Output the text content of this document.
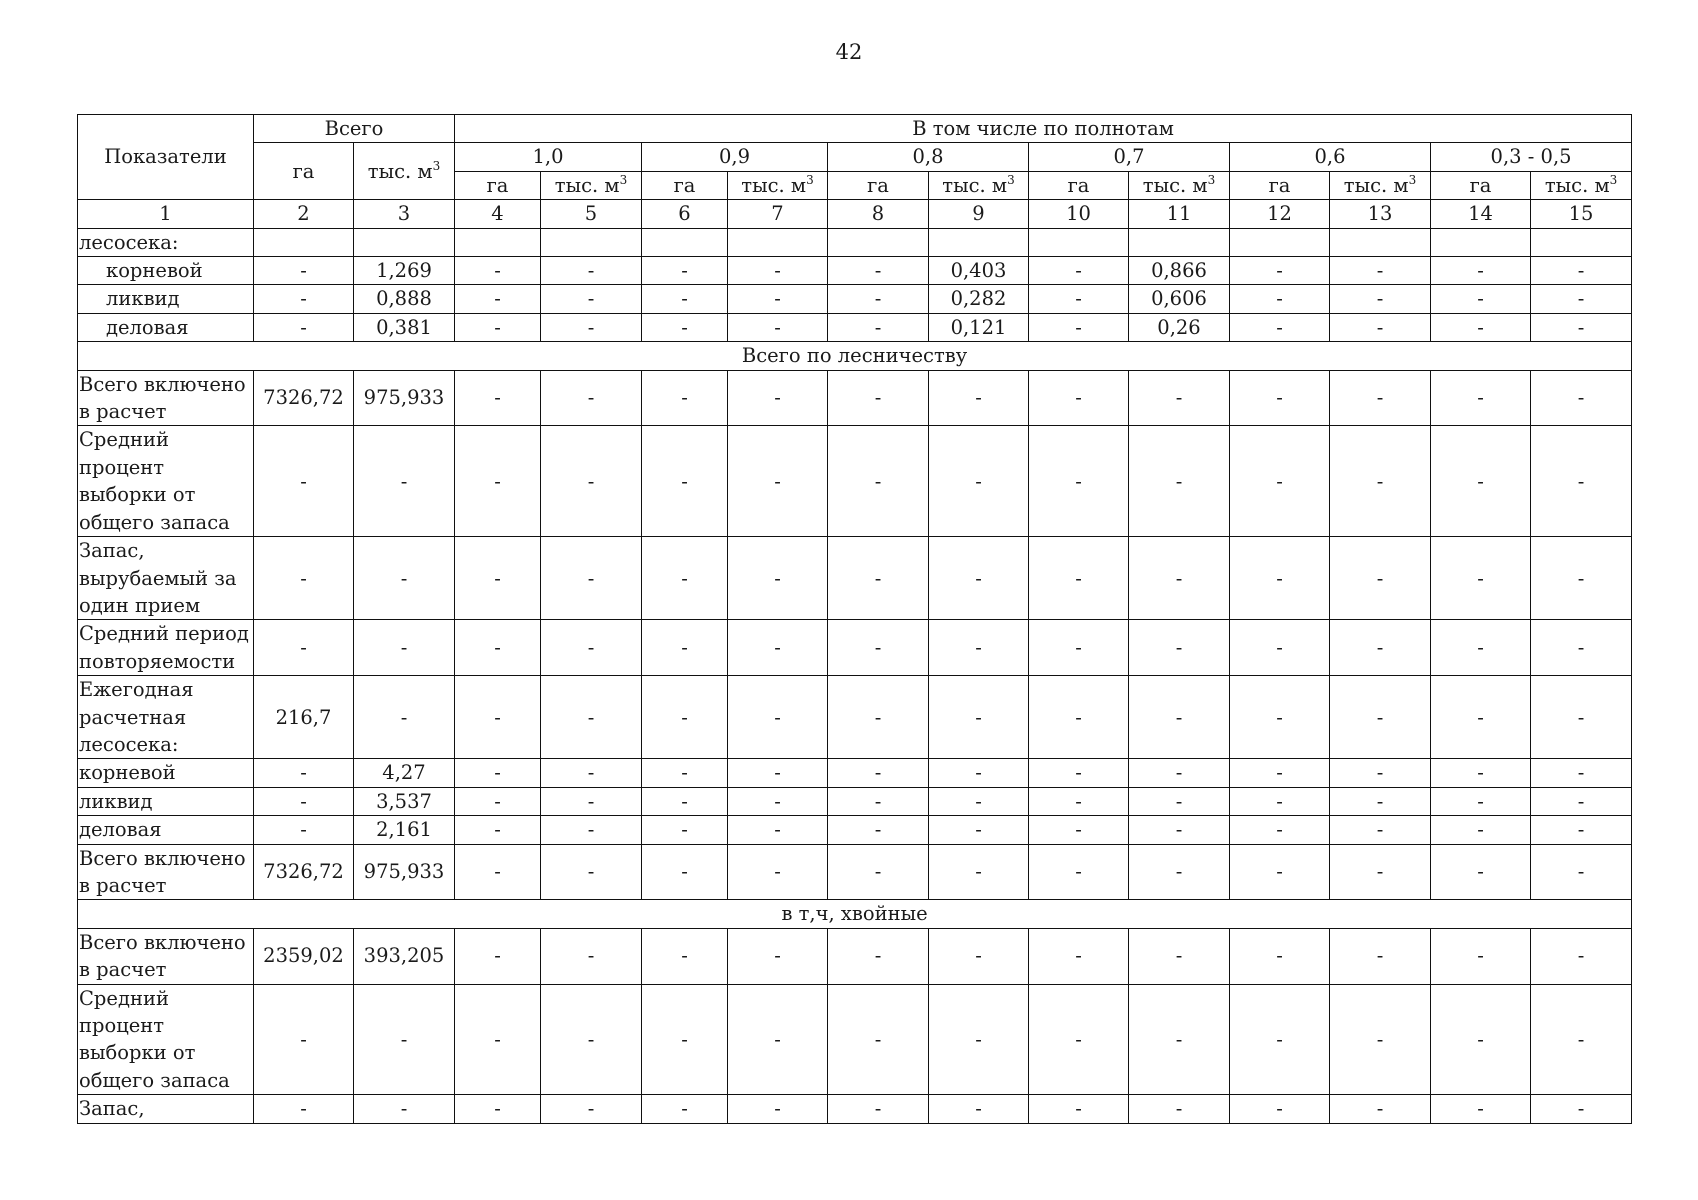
42
Показатели	Всего		В том числе по полнотам											
	га	тыс. $м^3$	1,0		0,9		0,8		0,7		0,6		0,3 - 0,5	
			га	тыс. $м^3$	га	тыс. $м^3$	га	тыс. $м^3$	га	тыс. $м^3$	га	тыс. $м^3$	га	тыс. $м^3$
1	2	3	4	5	6	7	8	9	10	11	12	13	14	15
лесосека:														
корневой	-	1,269	-	-	-	-	-	0,403	-	0,866	-	-	-	-
ликвид	-	0,888	-	-	-	-	-	0,282	-	0,606	-	-	-	-
деловая	-	0,381	-	-	-	-	-	0,121	-	0,26	-	-	-	-
Всего по лесничеству														
Всего включено в расчет	7326,72	975,933	-	-	-	-	-	-	-	-	-	-	-	-
Средний процент выборки от общего запаса	-	-	-	-	-	-	-	-	-	-	-	-	-	-
Запас, вырубаемый за один прием	-	-	-	-	-	-	-	-	-	-	-	-	-	-
Средний период повторяемости	-	-	-	-	-	-	-	-	-	-	-	-	-	-
Ежегодная расчетная лесосека:	216,7	-	-	-	-	-	-	-	-	-	-	-	-	-
корневой	-	4,27	-	-	-	-	-	-	-	-	-	-	-	-
ликвид	-	3,537	-	-	-	-	-	-	-	-	-	-	-	-
деловая	-	2,161	-	-	-	-	-	-	-	-	-	-	-	-
Всего включено в расчет	7326,72	975,933	-	-	-	-	-	-	-	-	-	-	-	-
в т,ч, хвойные														
Всего включено в расчет	2359,02	393,205	-	-	-	-	-	-	-	-	-	-	-	-
Средний процент выборки от общего запаса	-	-	-	-	-	-	-	-	-	-	-	-	-	-
Запас,	-	-	-	-	-	-	-	-	-	-	-	-	-	-
